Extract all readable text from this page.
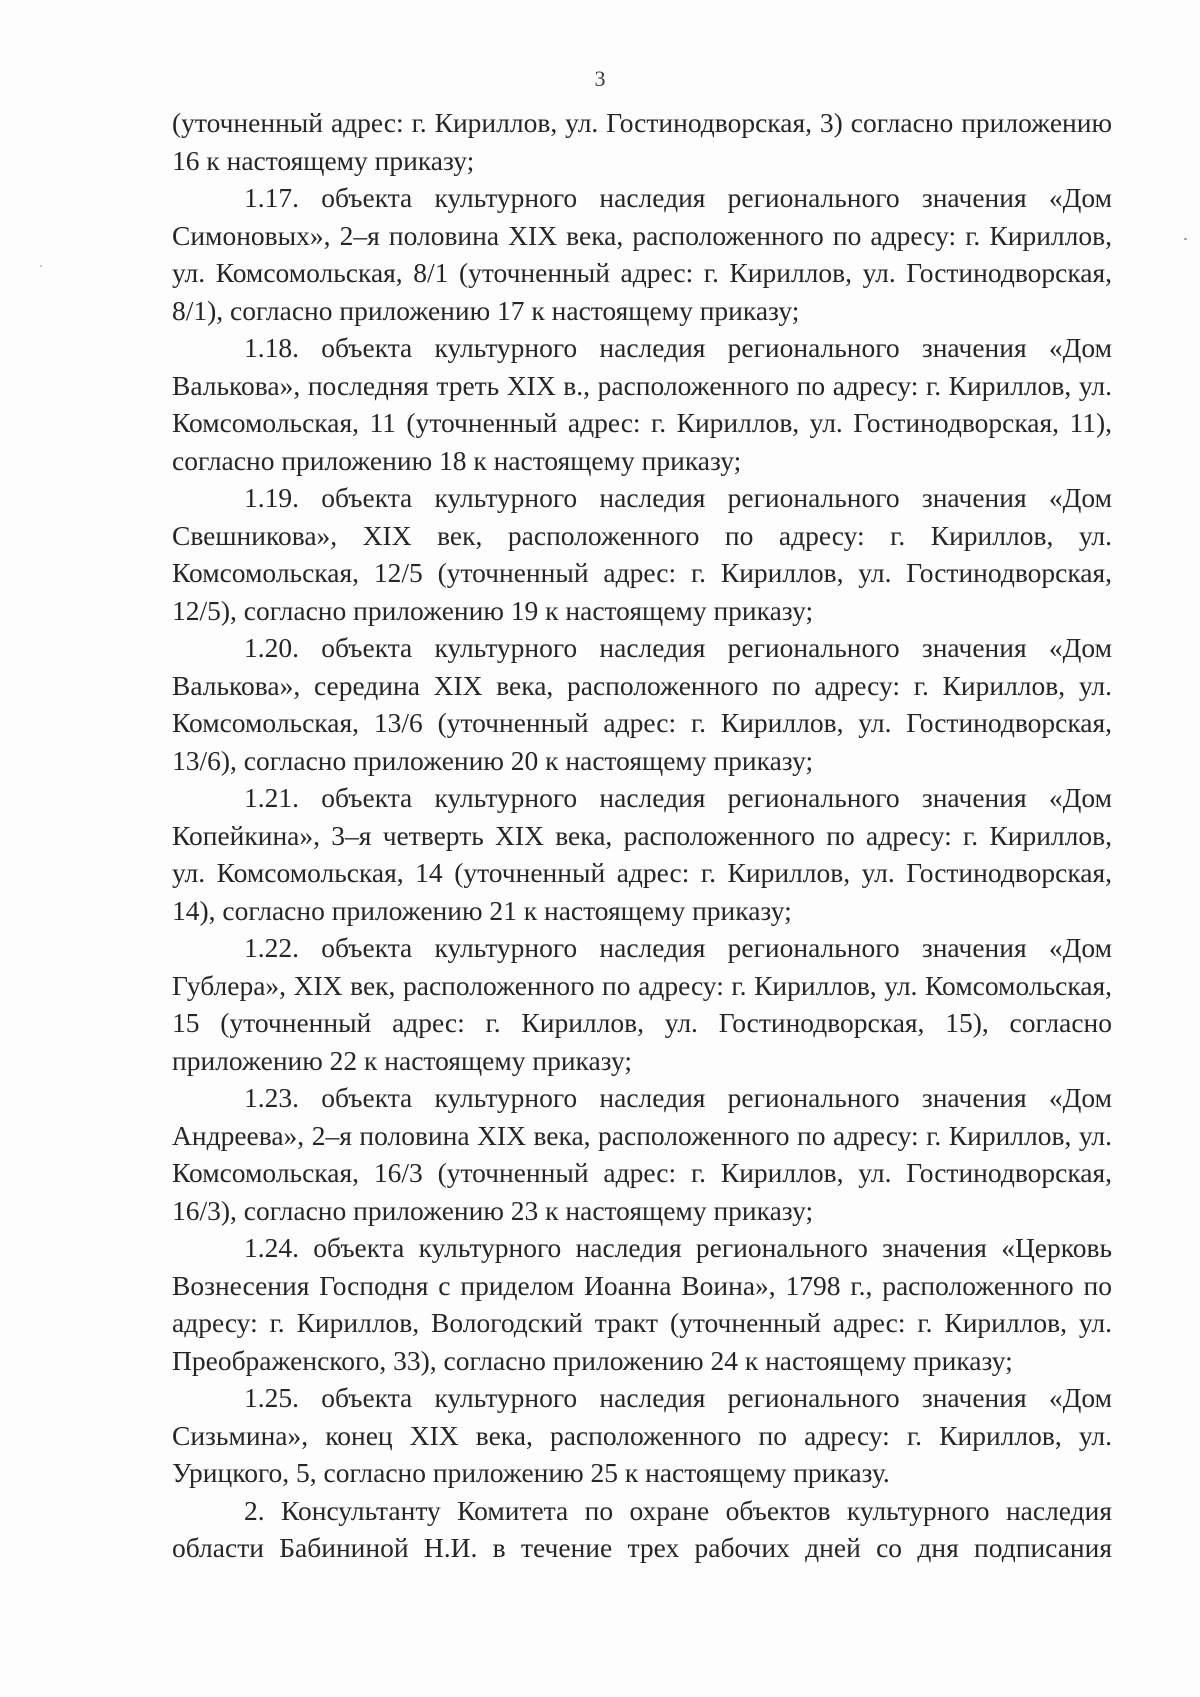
3

(уточненный адрес: г. Кириллов, ул. Гостинодворская, 3) согласно приложению 16 к настоящему приказу;

1.17. объекта культурного наследия регионального значения «Дом Симоновых», 2–я половина XIX века, расположенного по адресу: г. Кириллов, ул. Комсомольская, 8/1 (уточненный адрес: г. Кириллов, ул. Гостинодворская, 8/1), согласно приложению 17 к настоящему приказу;

1.18. объекта культурного наследия регионального значения «Дом Валькова», последняя треть XIX в., расположенного по адресу: г. Кириллов, ул. Комсомольская, 11 (уточненный адрес: г. Кириллов, ул. Гостинодворская, 11), согласно приложению 18 к настоящему приказу;

1.19. объекта культурного наследия регионального значения «Дом Свешникова», XIX век, расположенного по адресу: г. Кириллов, ул. Комсомольская, 12/5 (уточненный адрес: г. Кириллов, ул. Гостинодворская, 12/5), согласно приложению 19 к настоящему приказу;

1.20. объекта культурного наследия регионального значения «Дом Валькова», середина XIX века, расположенного по адресу: г. Кириллов, ул. Комсомольская, 13/6 (уточненный адрес: г. Кириллов, ул. Гостинодворская, 13/6), согласно приложению 20 к настоящему приказу;

1.21. объекта культурного наследия регионального значения «Дом Копейкина», 3–я четверть XIX века, расположенного по адресу: г. Кириллов, ул. Комсомольская, 14 (уточненный адрес: г. Кириллов, ул. Гостинодворская, 14), согласно приложению 21 к настоящему приказу;

1.22. объекта культурного наследия регионального значения «Дом Гублера», XIX век, расположенного по адресу: г. Кириллов, ул. Комсомольская, 15 (уточненный адрес: г. Кириллов, ул. Гостинодворская, 15), согласно приложению 22 к настоящему приказу;

1.23. объекта культурного наследия регионального значения «Дом Андреева», 2–я половина XIX века, расположенного по адресу: г. Кириллов, ул. Комсомольская, 16/3 (уточненный адрес: г. Кириллов, ул. Гостинодворская, 16/3), согласно приложению 23 к настоящему приказу;

1.24. объекта культурного наследия регионального значения «Церковь Вознесения Господня с приделом Иоанна Воина», 1798 г., расположенного по адресу: г. Кириллов, Вологодский тракт (уточненный адрес: г. Кириллов, ул. Преображенского, 33), согласно приложению 24 к настоящему приказу;

1.25. объекта культурного наследия регионального значения «Дом Сизьмина», конец XIX века, расположенного по адресу: г. Кириллов, ул. Урицкого, 5, согласно приложению 25 к настоящему приказу.

2. Консультанту Комитета по охране объектов культурного наследия области Бабининой Н.И. в течение трех рабочих дней со дня подписания
